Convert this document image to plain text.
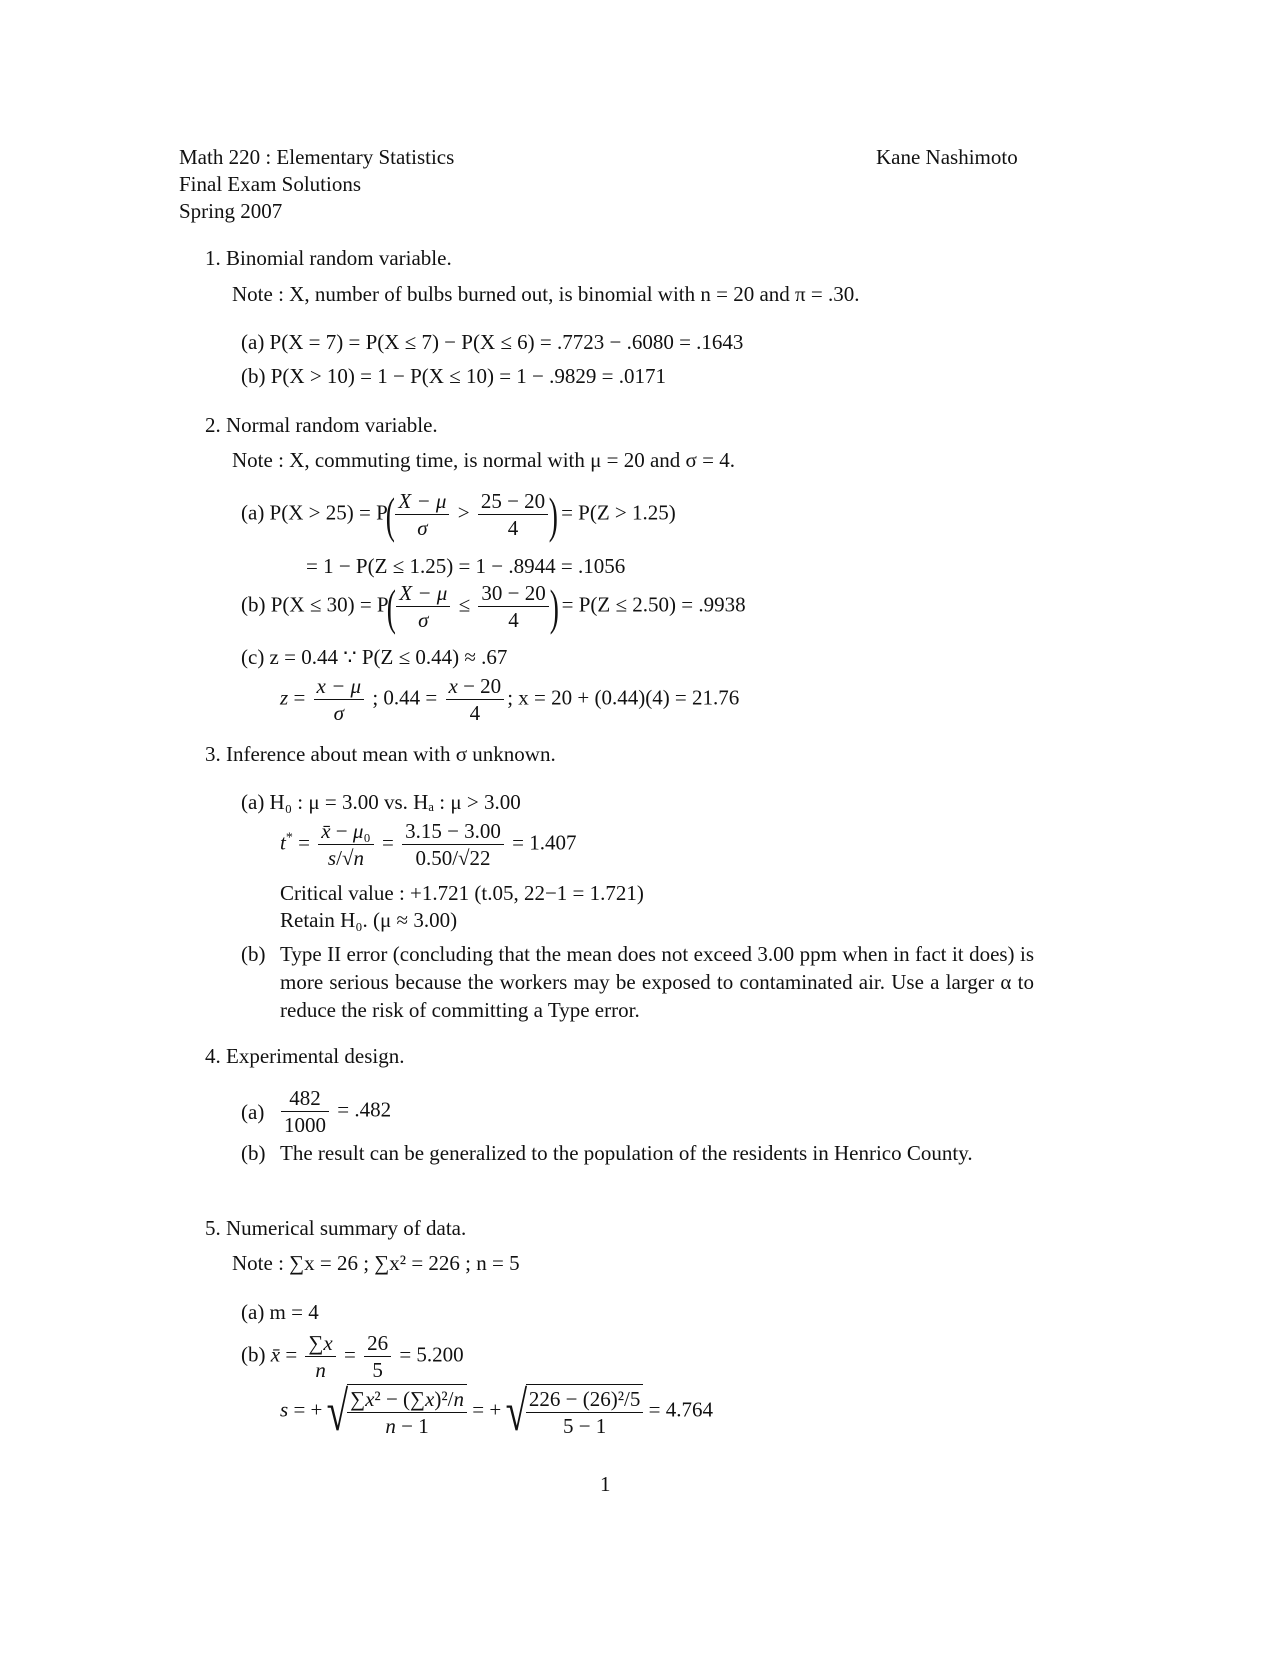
Math 220 : Elementary Statistics
Final Exam Solutions
Spring 2007
Kane Nashimoto
1. Binomial random variable.
Note : X, number of bulbs burned out, is binomial with n = 20 and π = .30.
(a) P(X = 7) = P(X ≤ 7) − P(X ≤ 6) = .7723 − .6080 = .1643
(b) P(X > 10) = 1 − P(X ≤ 10) = 1 − .9829 = .0171
2. Normal random variable.
Note : X, commuting time, is normal with μ = 20 and σ = 4.
(a) $P(X > 25) = P( \frac{X - \mu}{\sigma} > \frac{25 - 20}{4}$ ) = P(Z > 1.25)
= 1 − P(Z ≤ 1.25) = 1 − .8944 = .1056
(b) $P(X \le 30) = P( \frac{X - \mu}{\sigma} \le \frac{30 - 20}{4}$ ) = P(Z ≤ 2.50) = .9938
(c) z = 0.44 ∵ P(Z ≤ 0.44) ≈ .67
$z = \frac{x - \mu}{\sigma}$ ; $0.44 = \frac{x - 20}{4}$ ; x = 20 + (0.44)(4) = 21.76
3. Inference about mean with σ unknown.
(a) H₀ : μ = 3.00 vs. Hₐ : μ > 3.00
$t^* = \frac{\text{x̄ − μ₀}}{s/√n} = \frac{3.15 - 3.00}{0.50/√22} = 1.407$
Critical value : +1.721 (t.05, 22−1 = 1.721)
Retain H₀. (μ ≈ 3.00)
(b) Type II error (concluding that the mean does not exceed 3.00 ppm when in fact it does) is more serious because the workers may be exposed to contaminated air. Use a larger α to reduce the risk of committing a Type error.
4. Experimental design.
$(a) \frac{482}{1000} = .482$
(b) The result can be generalized to the population of the residents in Henrico County.
5. Numerical summary of data.
Note : ∑x = 26 ; ∑x² = 226 ; n = 5
(a) m = 4
(b) x̄ = $\frac{\sum x}{n} = \frac{26}{5} = 5.200$
s = +√
$\frac{\text{∑x² − (∑x)²/n}}{n - 1}$ = +√
$\frac{\text{226 − (26)²/5}}{5 - 1} = 4.764$
1
